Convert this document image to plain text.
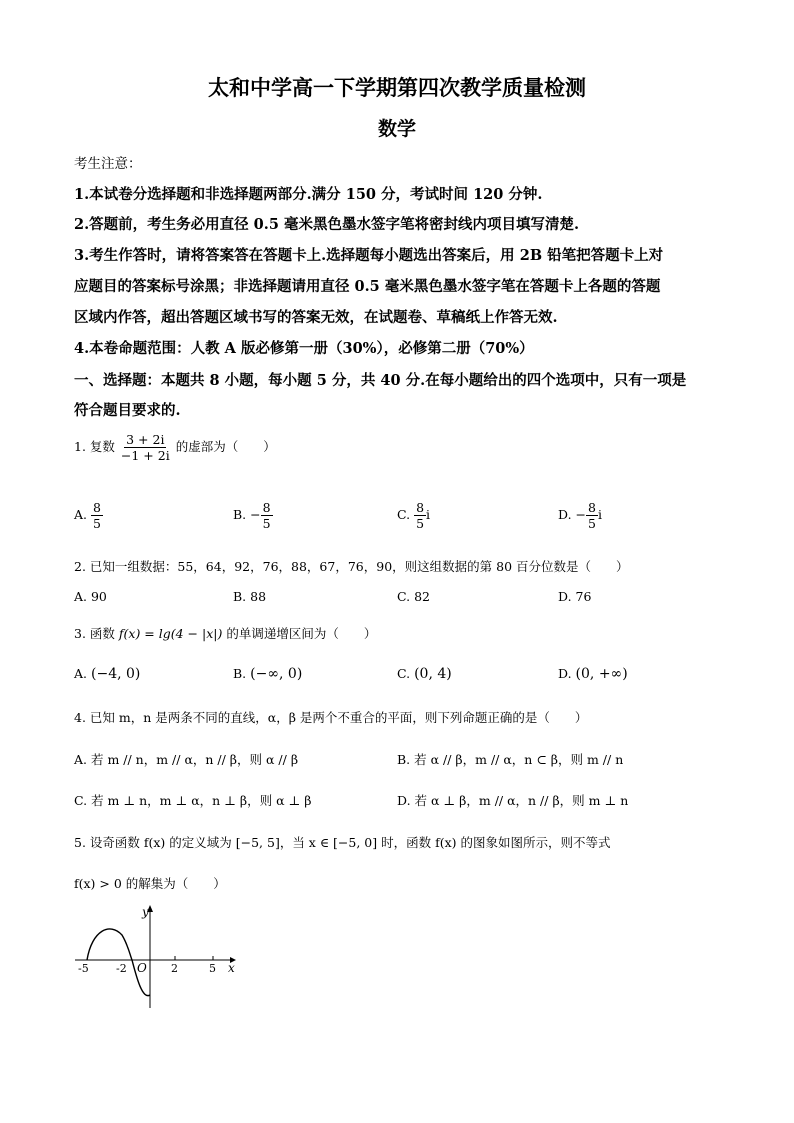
太和中学高一下学期第四次教学质量检测
数学
考生注意：
1.本试卷分选择题和非选择题两部分.满分 150 分，考试时间 120 分钟.
2.答题前，考生务必用直径 0.5 毫米黑色墨水签字笔将密封线内项目填写清楚.
3.考生作答时，请将答案答在答题卡上.选择题每小题选出答案后，用 2B 铅笔把答题卡上对
应题目的答案标号涂黑；非选择题请用直径 0.5 毫米黑色墨水签字笔在答题卡上各题的答题
区域内作答，超出答题区域书写的答案无效，在试题卷、草稿纸上作答无效.
4.本卷命题范围：人教 A 版必修第一册（30%），必修第二册（70%）
一、选择题：本题共 8 小题，每小题 5 分，共 40 分.在每小题给出的四个选项中，只有一项是
符合题目要求的.
1. 复数 $\frac{3 + 2i}{-1 + 2i}$ 的虚部为（　　）
A. $\frac{8}{5}$	B. − $\frac{8}{5}$	C. $\frac{8}{5}$ i	D. − $\frac{8}{5}$ i
2. 已知一组数据：55，64，92，76，88，67，76，90，则这组数据的第 80 百分位数是（　　）
A. 90	B. 88	C. 82	D. 76
3. 函数 f(x) = lg(4 − |x|) 的单调递增区间为（　　）
A. (−4, 0)	B. (−∞, 0)	C. (0, 4)	D. (0, +∞)
4. 已知 m，n 是两条不同的直线，α，β 是两个不重合的平面，则下列命题正确的是（　　）
A. 若 m // n，m // α，n // β，则 α // β	B. 若 α // β，m // α，n ⊂ β，则 m // n
C. 若 m ⊥ n，m ⊥ α，n ⊥ β，则 α ⊥ β	D. 若 α ⊥ β，m // α，n // β，则 m ⊥ n
5. 设奇函数 f(x) 的定义域为 [−5, 5]，当 x ∈ [−5, 0] 时，函数 f(x) 的图象如图所示，则不等式
f(x) > 0 的解集为（　　）
y
x
O
-5 -2	2	5
